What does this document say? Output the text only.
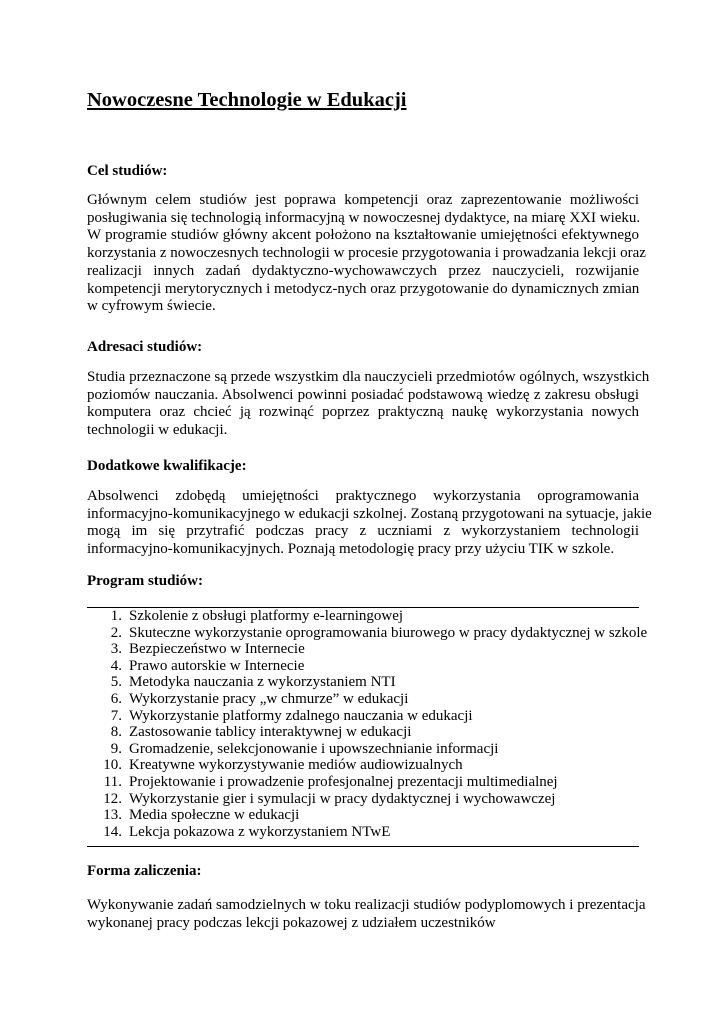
Nowoczesne Technologie w Edukacji
Cel studiów:
Głównym celem studiów jest poprawa kompetencji oraz zaprezentowanie możliwości
posługiwania się technologią informacyjną w nowoczesnej dydaktyce, na miarę XXI wieku.
W programie studiów główny akcent położono na kształtowanie umiejętności efektywnego
korzystania z nowoczesnych technologii w procesie przygotowania i prowadzania lekcji oraz
realizacji innych zadań dydaktyczno-wychowawczych przez nauczycieli, rozwijanie
kompetencji merytorycznych i metodycz-nych oraz przygotowanie do dynamicznych zmian
w cyfrowym świecie.
Adresaci studiów:
Studia przeznaczone są przede wszystkim dla nauczycieli przedmiotów ogólnych, wszystkich
poziomów nauczania. Absolwenci powinni posiadać podstawową wiedzę z zakresu obsługi
komputera oraz chcieć ją rozwinąć poprzez praktyczną naukę wykorzystania nowych
technologii w edukacji.
Dodatkowe kwalifikacje:
Absolwenci zdobędą umiejętności praktycznego wykorzystania oprogramowania
informacyjno-komunikacyjnego w edukacji szkolnej. Zostaną przygotowani na sytuacje, jakie
mogą im się przytrafić podczas pracy z uczniami z wykorzystaniem technologii
informacyjno-komunikacyjnych. Poznają metodologię pracy przy użyciu TIK w szkole.
Program studiów:
1. Szkolenie z obsługi platformy e-learningowej
2. Skuteczne wykorzystanie oprogramowania biurowego w pracy dydaktycznej w szkole
3. Bezpieczeństwo w Internecie
4. Prawo autorskie w Internecie
5. Metodyka nauczania z wykorzystaniem NTI
6. Wykorzystanie pracy „w chmurze” w edukacji
7. Wykorzystanie platformy zdalnego nauczania w edukacji
8. Zastosowanie tablicy interaktywnej w edukacji
9. Gromadzenie, selekcjonowanie i upowszechnianie informacji
10. Kreatywne wykorzystywanie mediów audiowizualnych
11. Projektowanie i prowadzenie profesjonalnej prezentacji multimedialnej
12. Wykorzystanie gier i symulacji w pracy dydaktycznej i wychowawczej
13. Media społeczne w edukacji
14. Lekcja pokazowa z wykorzystaniem NTwE
Forma zaliczenia:
Wykonywanie zadań samodzielnych w toku realizacji studiów podyplomowych i prezentacja
wykonanej pracy podczas lekcji pokazowej z udziałem uczestników
